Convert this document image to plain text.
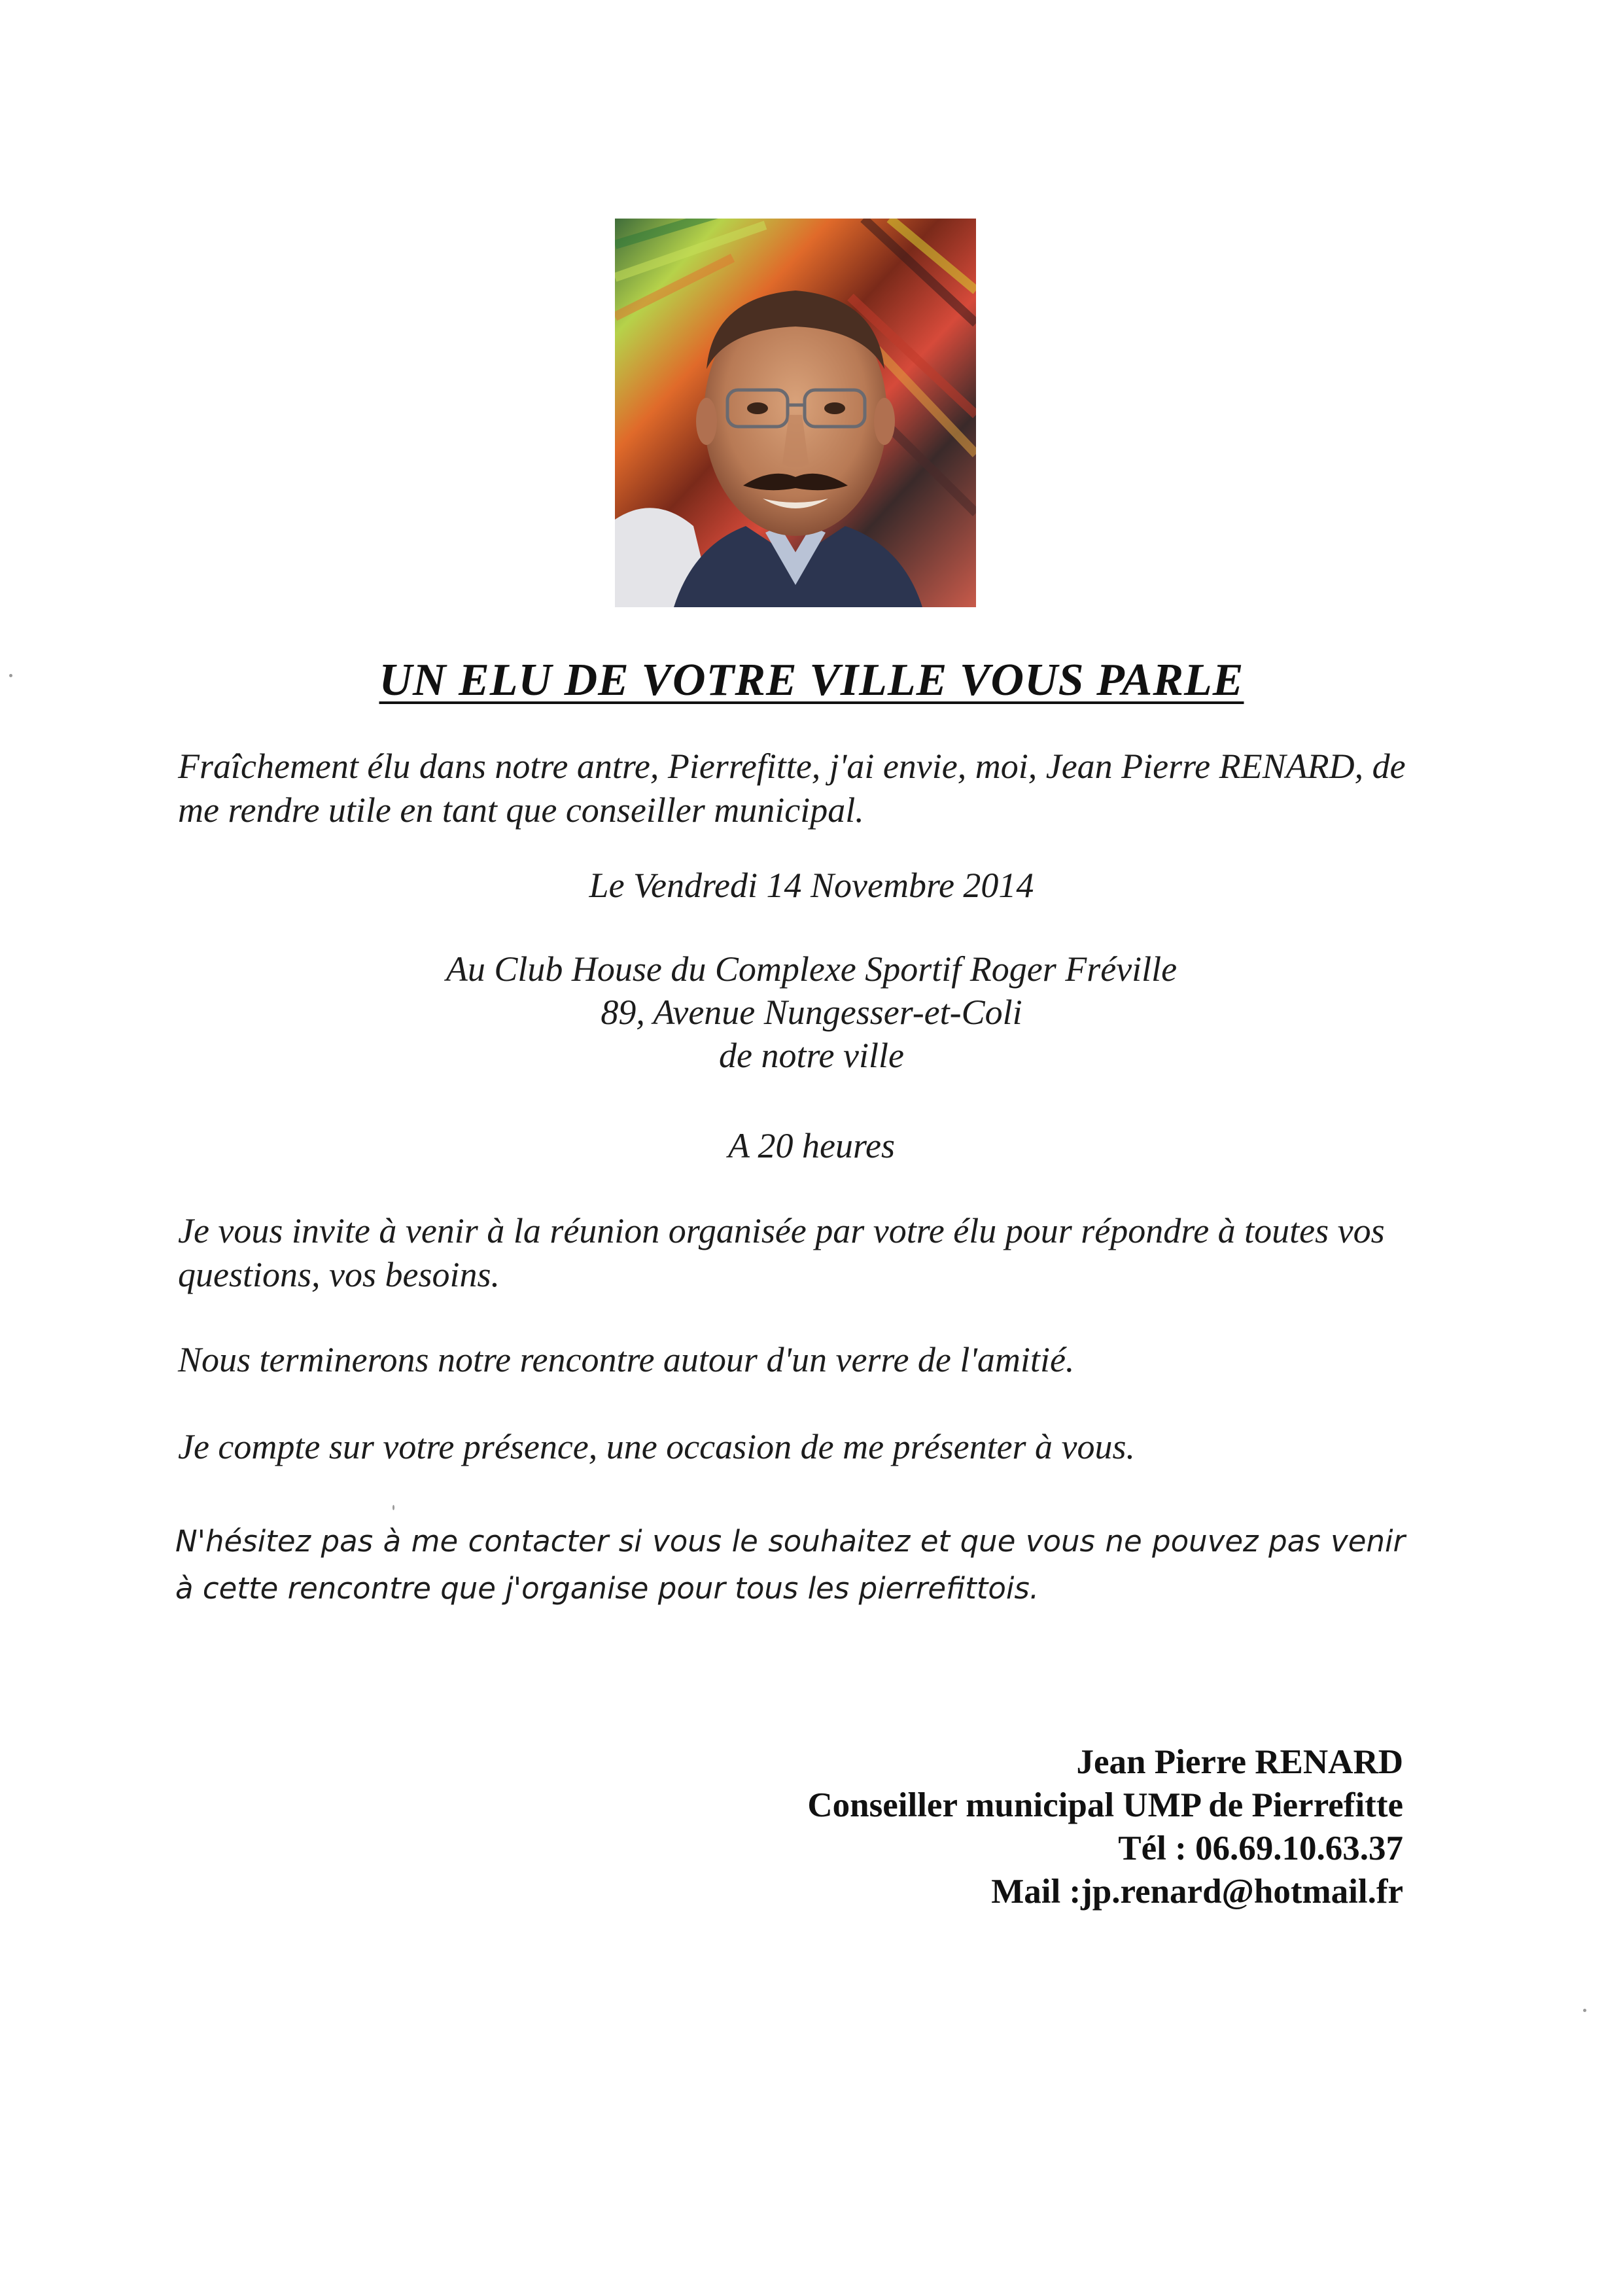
UN ELU DE VOTRE VILLE VOUS PARLE

Fraîchement élu dans notre antre, Pierrefitte, j'ai envie, moi, Jean Pierre RENARD, de me rendre utile en tant que conseiller municipal.

Le Vendredi 14 Novembre 2014

Au Club House du Complexe Sportif Roger Fréville
89, Avenue Nungesser-et-Coli
de notre ville

A 20 heures

Je vous invite à venir à la réunion organisée par votre élu pour répondre à toutes vos questions, vos besoins.

Nous terminerons notre rencontre autour d'un verre de l'amitié.

Je compte sur votre présence, une occasion de me présenter à vous.

N'hésitez pas à me contacter si vous le souhaitez et que vous ne pouvez pas venir à cette rencontre que j'organise pour tous les pierrefittois.

Jean Pierre RENARD
Conseiller municipal UMP de Pierrefitte
Tél : 06.69.10.63.37
Mail :jp.renard@hotmail.fr
